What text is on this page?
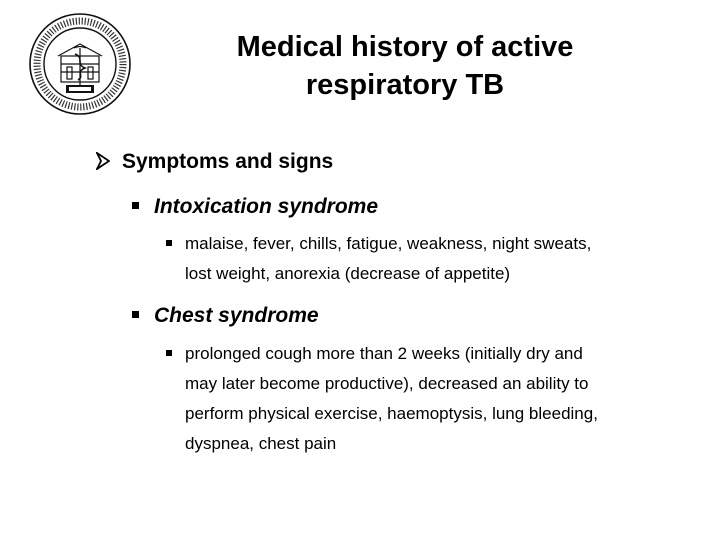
Medical history of active
respiratory TB
Symptoms and signs
Intoxication syndrome
malaise, fever, chills, fatigue, weakness, night sweats,
lost weight, anorexia (decrease of appetite)
Chest syndrome
prolonged cough more than 2 weeks (initially dry and
may later become productive), decreased an ability to
perform physical exercise, haemoptysis, lung bleeding,
dyspnea, chest pain
